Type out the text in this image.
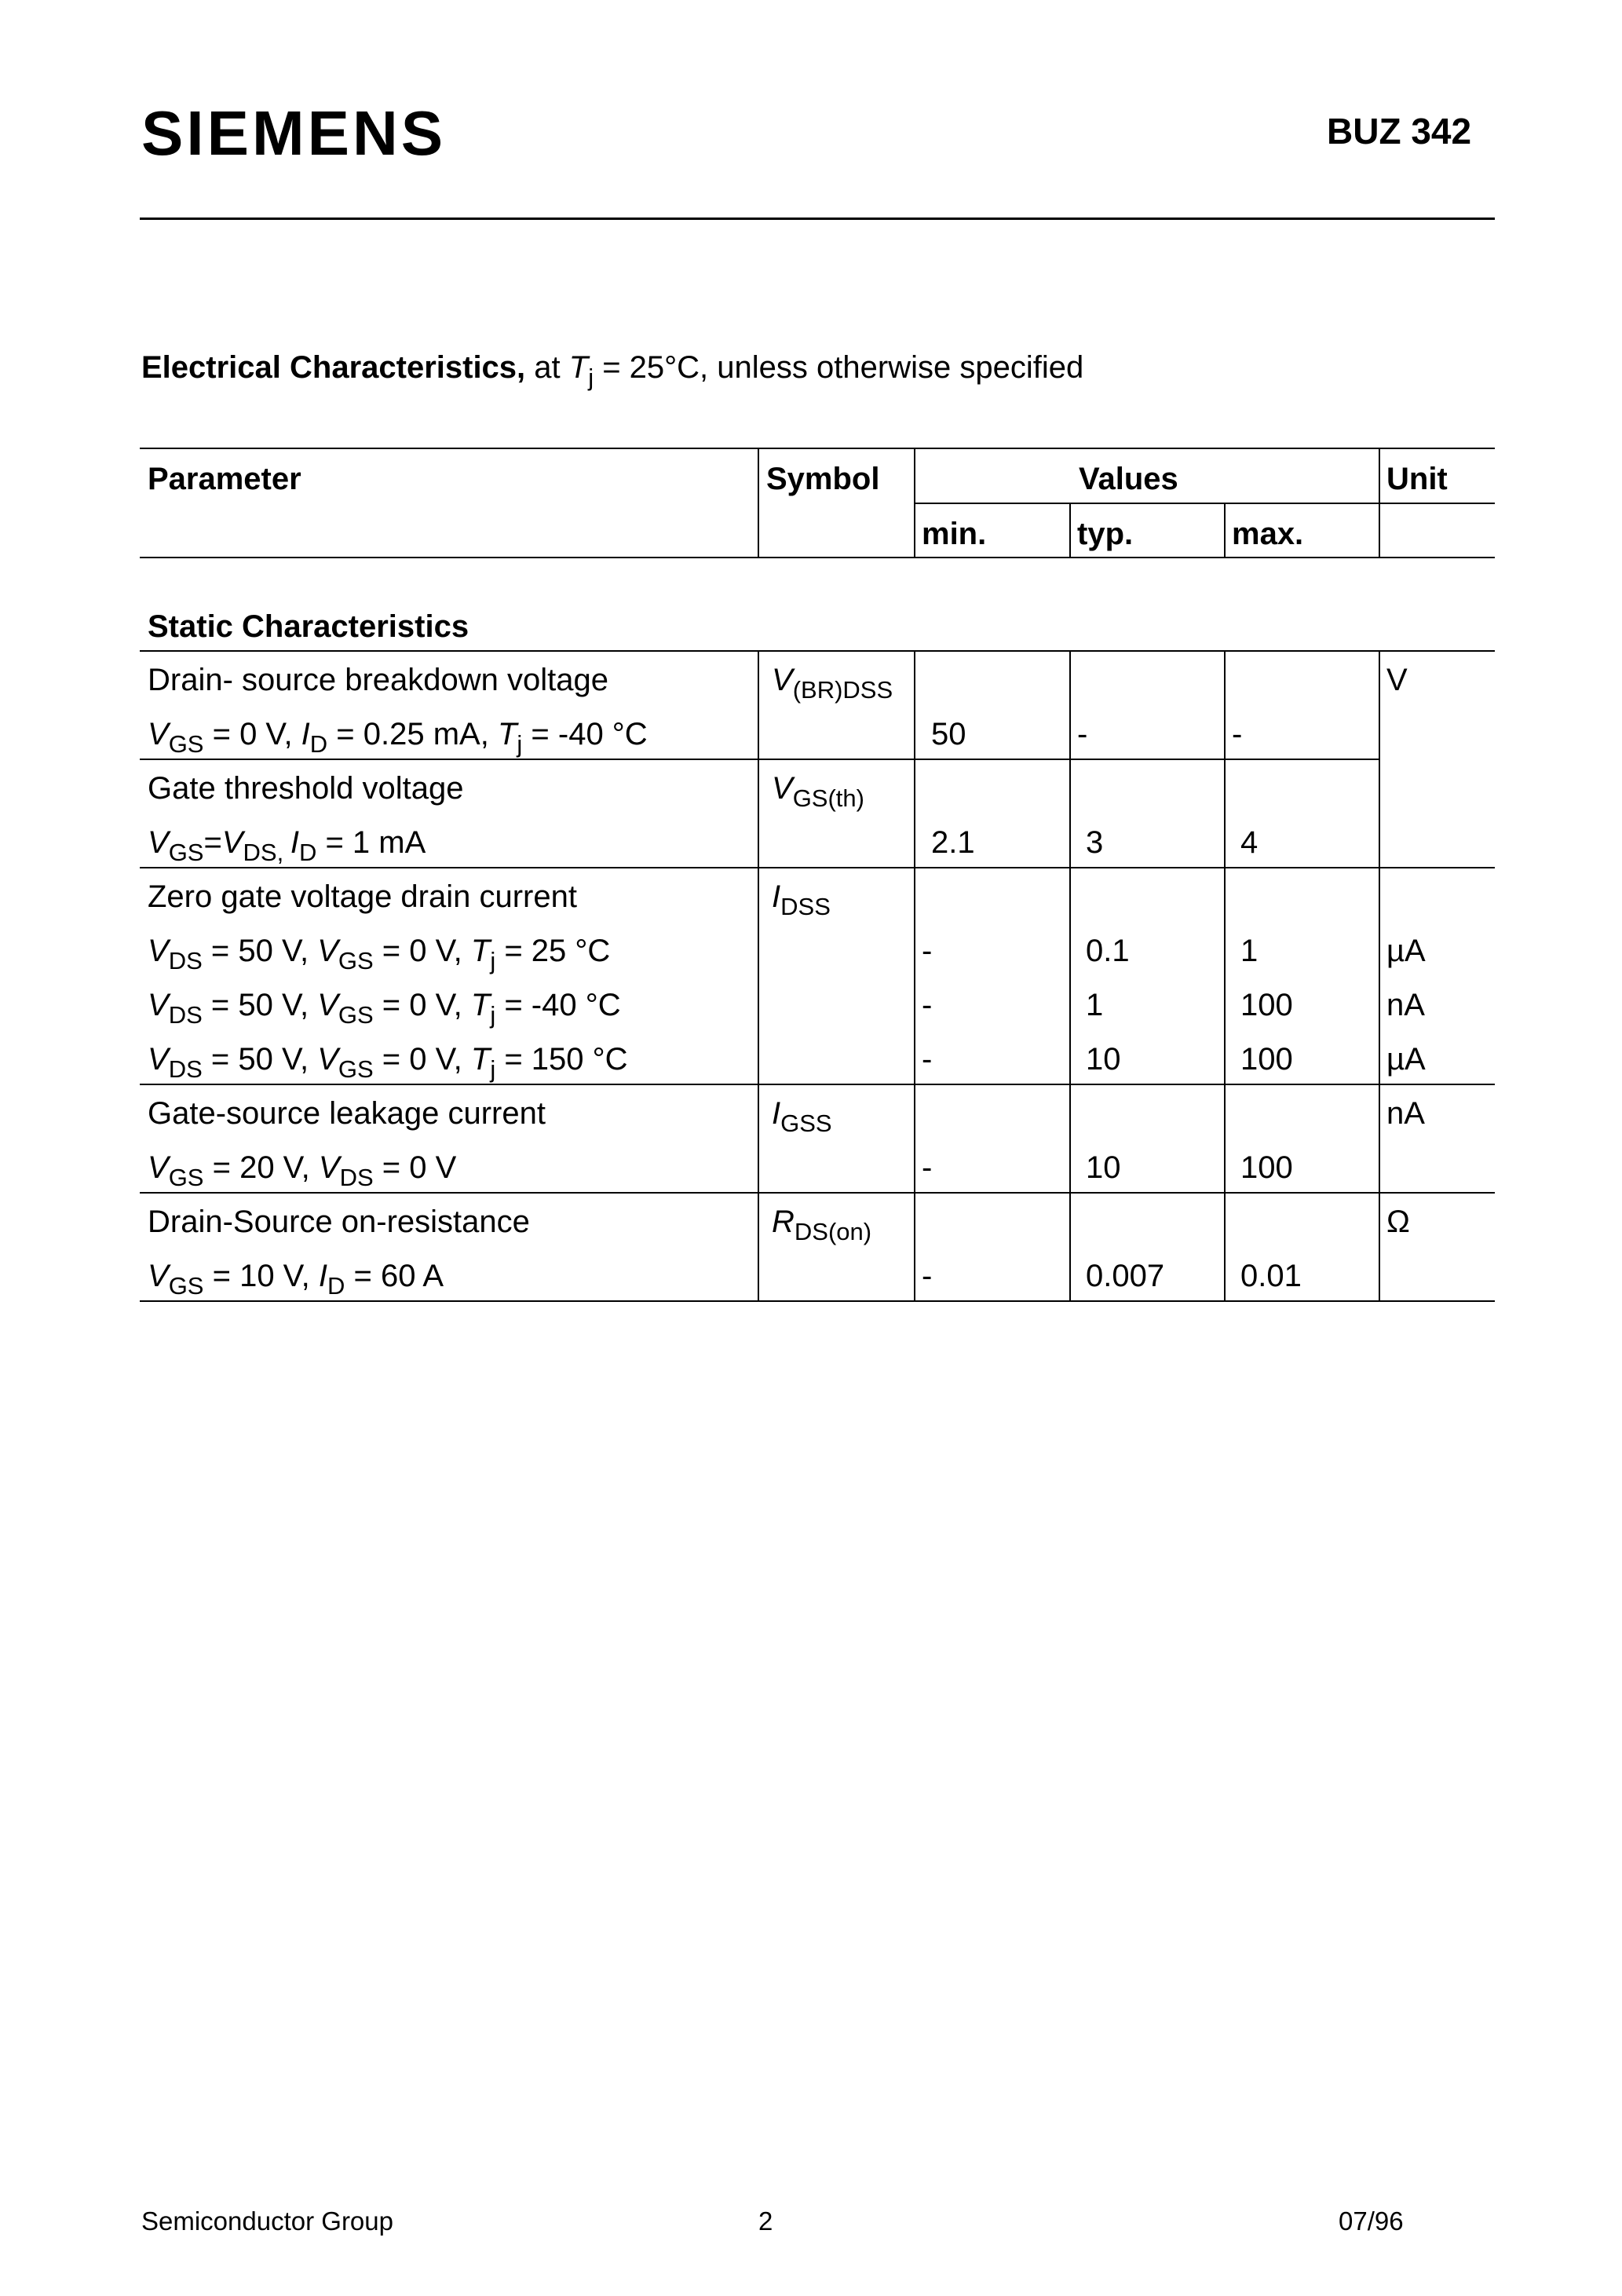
SIEMENS	BUZ 342
Electrical Characteristics, at $T_j = 25^\circ C$, unless otherwise specified
Parameter	Symbol	Values	Unit
min.	typ.	max.
Static Characteristics
Drain- source breakdown voltage	$V_{(BR)DSS}$	V
$V_{GS} = 0$ V, $I_D = 0.25$ mA, $T_j = -40$ °C	50	-	-
Gate threshold voltage	$V_{GS(th)}$
$V_{GS}=V_{DS,}$ $I_D = 1$ mA	2.1	3	4
Zero gate voltage drain current	$I_{DSS}$
$V_{DS} = 50$ V, $V_{GS} = 0$ V, $T_j = 25$ °C	-	0.1	1	µA
$V_{DS} = 50$ V, $V_{GS} = 0$ V, $T_j = -40$ °C	-	1	100	nA
$V_{DS} = 50$ V, $V_{GS} = 0$ V, $T_j = 150$ °C	-	10	100	µA
Gate-source leakage current	$I_{GSS}$	nA
$V_{GS} = 20$ V, $V_{DS} = 0$ V	-	10	100
Drain-Source on-resistance	$R_{DS(on)}$	Ω
$V_{GS} = 10$ V, $I_D = 60$ A	-	0.007 0.01
Semiconductor Group	2	07/96
